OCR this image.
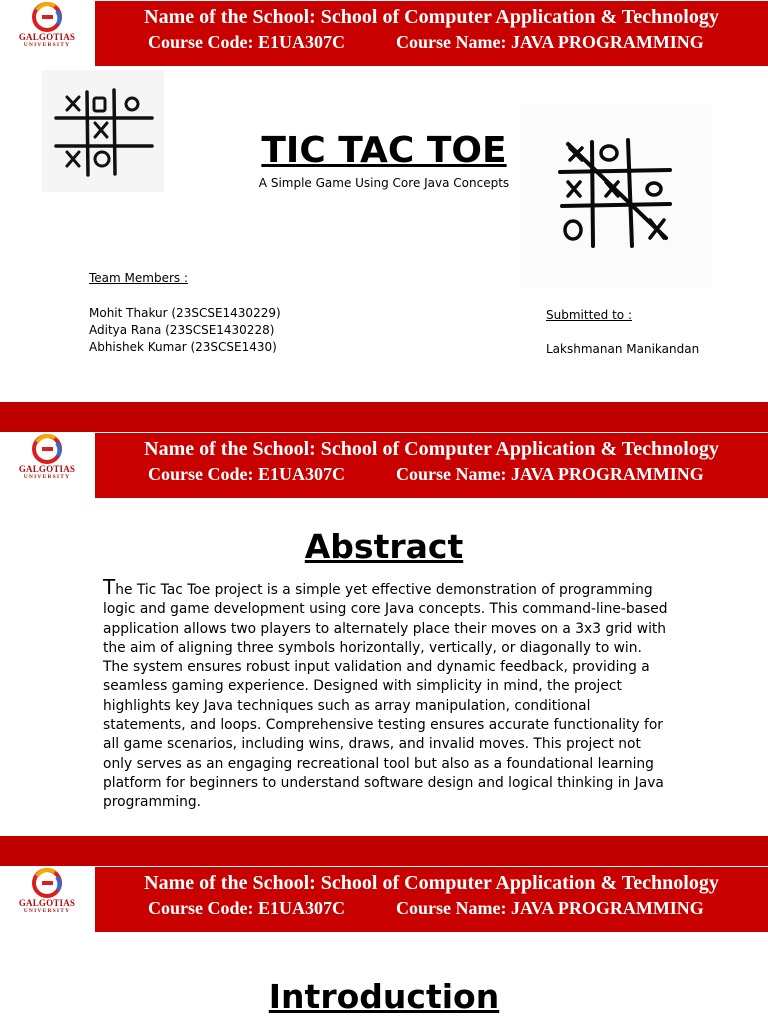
GALGOTIAS
UNIVERSITY
Name of the School: School of Computer Application & Technology
Course Code: E1UA307C	Course Name: JAVA PROGRAMMING
TIC TAC TOE
A Simple Game Using Core Java Concepts
Team Members :
Mohit Thakur (23SCSE1430229)
Aditya Rana (23SCSE1430228)
Abhishek Kumar (23SCSE1430)
Submitted to :
Lakshmanan Manikandan
GALGOTIAS
UNIVERSITY
Name of the School: School of Computer Application & Technology
Course Code: E1UA307C	Course Name: JAVA PROGRAMMING
Abstract
The Tic Tac Toe project is a simple yet effective demonstration of programming logic and game development using core Java concepts. This command-line-based application allows two players to alternately place their moves on a 3x3 grid with the aim of aligning three symbols horizontally, vertically, or diagonally to win. The system ensures robust input validation and dynamic feedback, providing a seamless gaming experience. Designed with simplicity in mind, the project highlights key Java techniques such as array manipulation, conditional statements, and loops. Comprehensive testing ensures accurate functionality for all game scenarios, including wins, draws, and invalid moves. This project not only serves as an engaging recreational tool but also as a foundational learning platform for beginners to understand software design and logical thinking in Java programming.
GALGOTIAS
UNIVERSITY
Name of the School: School of Computer Application & Technology
Course Code: E1UA307C	Course Name: JAVA PROGRAMMING
Introduction
